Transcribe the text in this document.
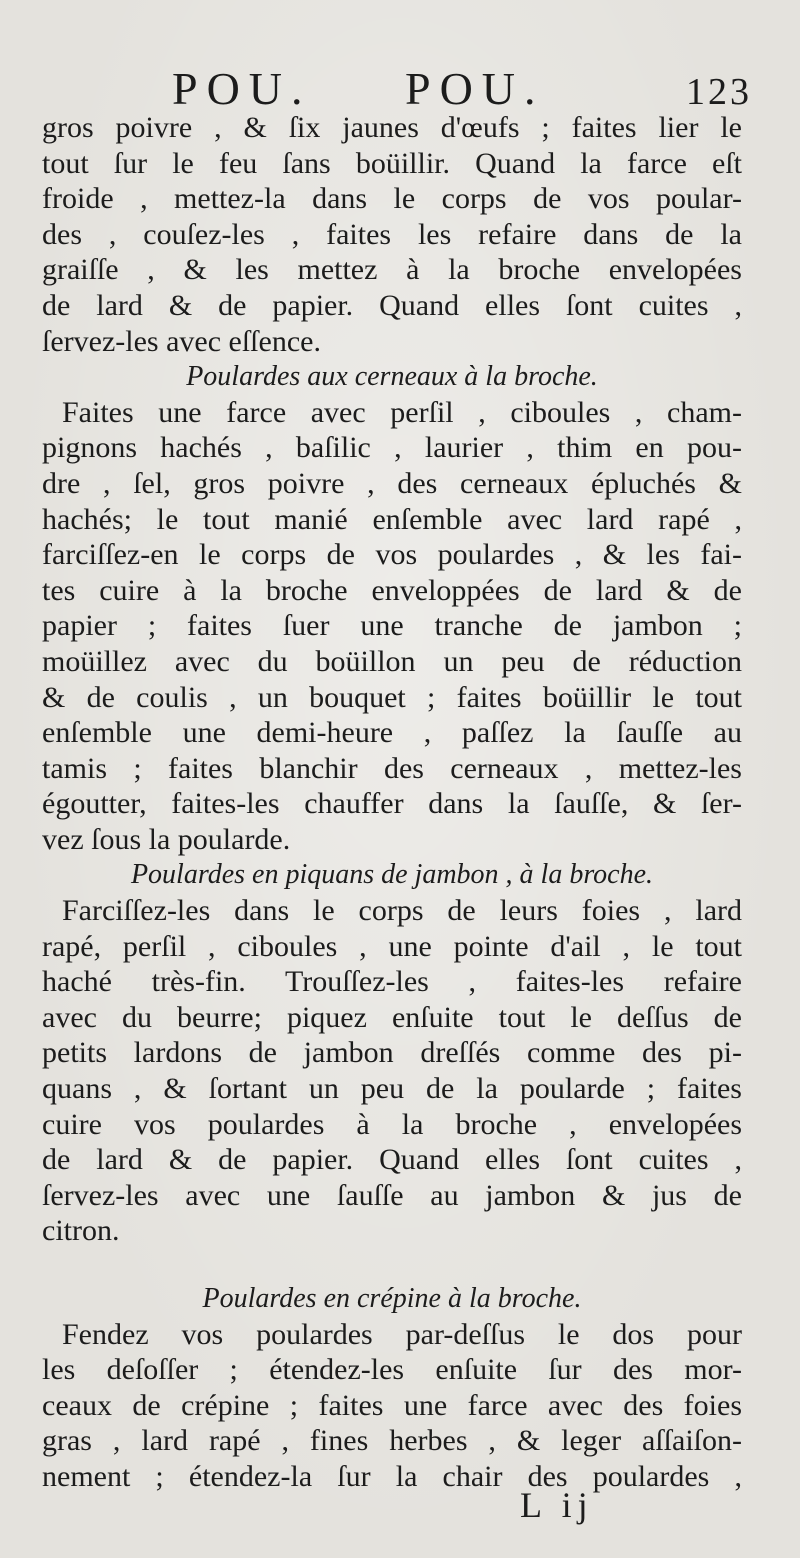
POU. POU.	123
gros poivre , & ſix jaunes d'œufs ; faites lier le
tout ſur le feu ſans boüillir. Quand la farce eſt
froide , mettez-la dans le corps de vos poular-
des , couſez-les , faites les refaire dans de la
graiſſe , & les mettez à la broche envelopées
de lard & de papier. Quand elles ſont cuites ,
ſervez-les avec eſſence.
Poulardes aux cerneaux à la broche.
Faites une farce avec perſil , ciboules , cham-
pignons hachés , baſilic , laurier , thim en pou-
dre , ſel, gros poivre , des cerneaux épluchés &
hachés; le tout manié enſemble avec lard rapé ,
farciſſez-en le corps de vos poulardes , & les fai-
tes cuire à la broche enveloppées de lard & de
papier ; faites ſuer une tranche de jambon ;
moüillez avec du boüillon un peu de réduction
& de coulis , un bouquet ; faites boüillir le tout
enſemble une demi-heure , paſſez la ſauſſe au
tamis ; faites blanchir des cerneaux , mettez-les
égoutter, faites-les chauffer dans la ſauſſe, & ſer-
vez ſous la poularde.
Poulardes en piquans de jambon , à la broche.
Farciſſez-les dans le corps de leurs foies , lard
rapé, perſil , ciboules , une pointe d'ail , le tout
haché très-fin. Trouſſez-les , faites-les refaire
avec du beurre; piquez enſuite tout le deſſus de
petits lardons de jambon dreſſés comme des pi-
quans , & ſortant un peu de la poularde ; faites
cuire vos poulardes à la broche , envelopées
de lard & de papier. Quand elles ſont cuites ,
ſervez-les avec une ſauſſe au jambon & jus de
citron.
Poulardes en crépine à la broche.
Fendez vos poulardes par-deſſus le dos pour
les deſoſſer ; étendez-les enſuite ſur des mor-
ceaux de crépine ; faites une farce avec des foies
gras , lard rapé , fines herbes , & leger aſſaiſon-
nement ; étendez-la ſur la chair des poulardes ,
L ij
